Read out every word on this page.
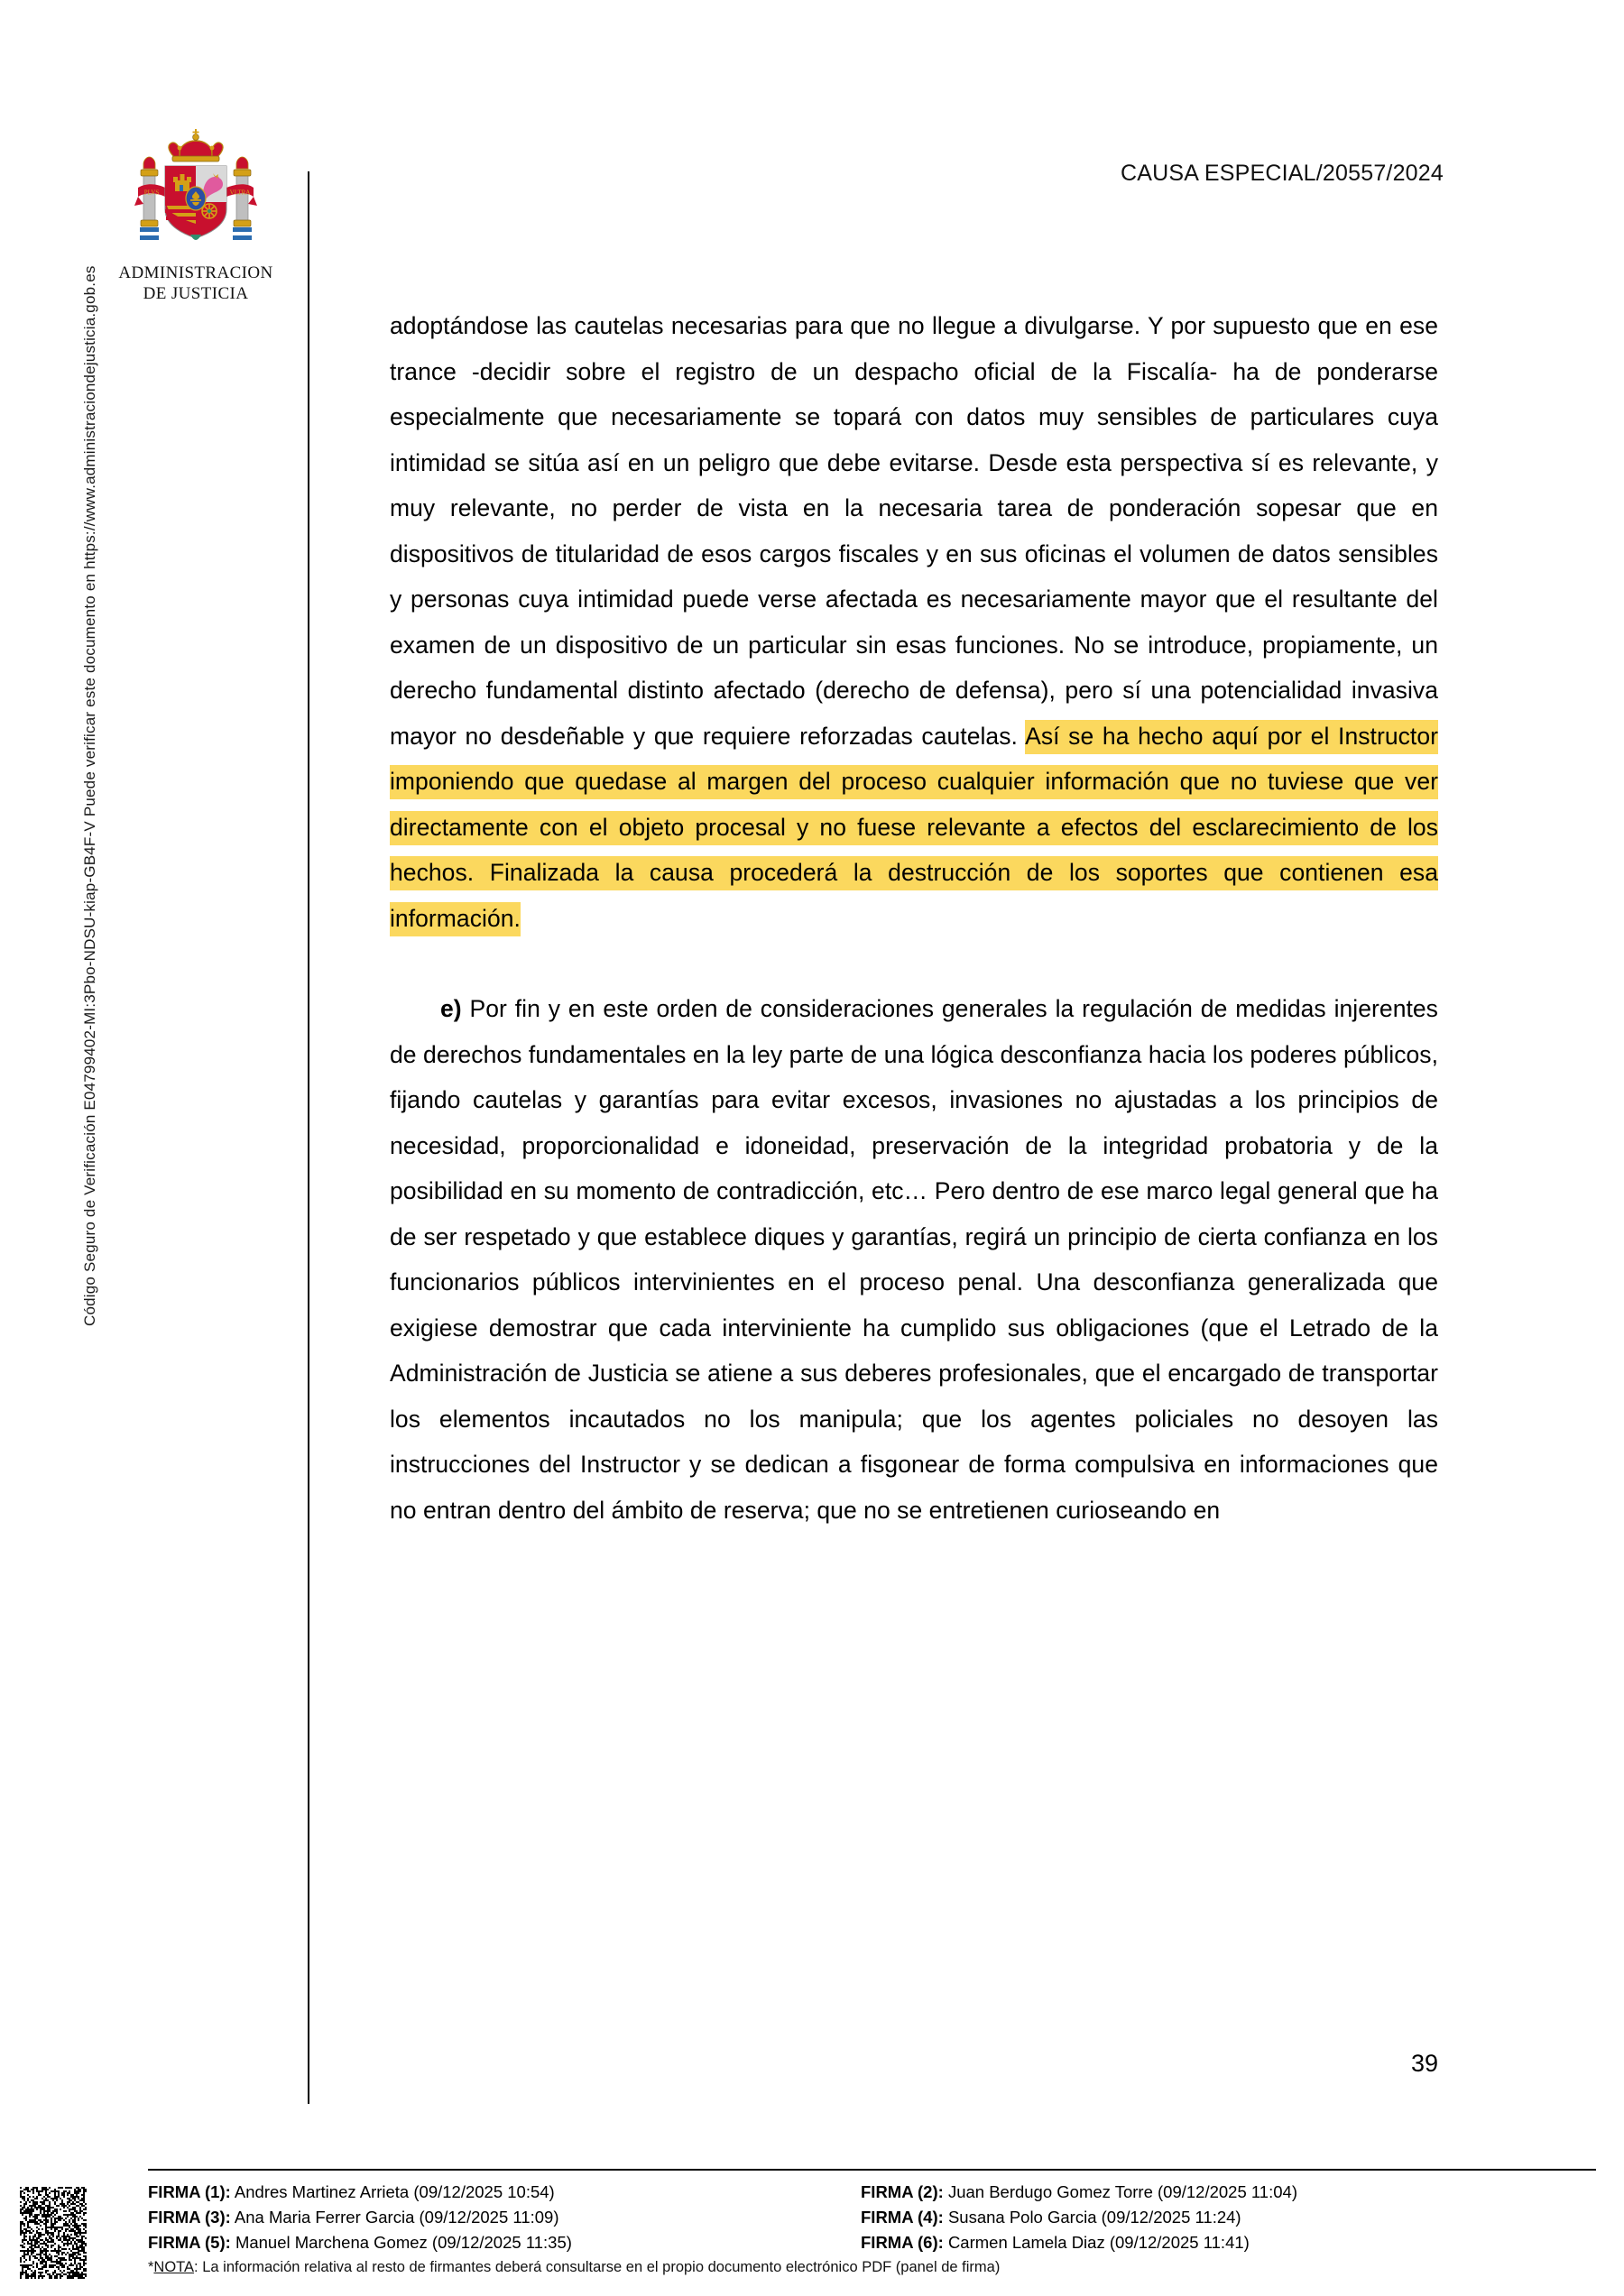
Código Seguro de Verificación E04799402-MI:3Pbo-NDSU-kiap-GB4F-V Puede verificar este documento en https://www.administraciondejusticia.gob.es
PLVS	VLTRA
ADMINISTRACION
DE JUSTICIA
CAUSA ESPECIAL/20557/2024

adoptándose las cautelas necesarias para que no llegue a divulgarse. Y por supuesto que en ese trance -decidir sobre el registro de un despacho oficial de la Fiscalía- ha de ponderarse especialmente que necesariamente se topará con datos muy sensibles de particulares cuya intimidad se sitúa así en un peligro que debe evitarse. Desde esta perspectiva sí es relevante, y muy relevante, no perder de vista en la necesaria tarea de ponderación sopesar que en dispositivos de titularidad de esos cargos fiscales y en sus oficinas el volumen de datos sensibles y personas cuya intimidad puede verse afectada es necesariamente mayor que el resultante del examen de un dispositivo de un particular sin esas funciones. No se introduce, propiamente, un derecho fundamental distinto afectado (derecho de defensa), pero sí una potencialidad invasiva mayor no desdeñable y que requiere reforzadas cautelas. Así se ha hecho aquí por el Instructor imponiendo que quedase al margen del proceso cualquier información que no tuviese que ver directamente con el objeto procesal y no fuese relevante a efectos del esclarecimiento de los hechos. Finalizada la causa procederá la destrucción de los soportes que contienen esa información.

e) Por fin y en este orden de consideraciones generales la regulación de medidas injerentes de derechos fundamentales en la ley parte de una lógica desconfianza hacia los poderes públicos, fijando cautelas y garantías para evitar excesos, invasiones no ajustadas a los principios de necesidad, proporcionalidad e idoneidad, preservación de la integridad probatoria y de la posibilidad en su momento de contradicción, etc… Pero dentro de ese marco legal general que ha de ser respetado y que establece diques y garantías, regirá un principio de cierta confianza en los funcionarios públicos intervinientes en el proceso penal. Una desconfianza generalizada que exigiese demostrar que cada interviniente ha cumplido sus obligaciones (que el Letrado de la Administración de Justicia se atiene a sus deberes profesionales, que el encargado de transportar los elementos incautados no los manipula; que los agentes policiales no desoyen las instrucciones del Instructor y se dedican a fisgonear de forma compulsiva en informaciones que no entran dentro del ámbito de reserva; que no se entretienen curioseando en

39
FIRMA (1): Andres Martinez Arrieta (09/12/2025 10:54)	FIRMA (2): Juan Berdugo Gomez Torre (09/12/2025 11:04)
FIRMA (3): Ana Maria Ferrer Garcia (09/12/2025 11:09)	FIRMA (4): Susana Polo Garcia (09/12/2025 11:24)
FIRMA (5): Manuel Marchena Gomez (09/12/2025 11:35)	FIRMA (6): Carmen Lamela Diaz (09/12/2025 11:41)
*NOTA: La información relativa al resto de firmantes deberá consultarse en el propio documento electrónico PDF (panel de firma)
